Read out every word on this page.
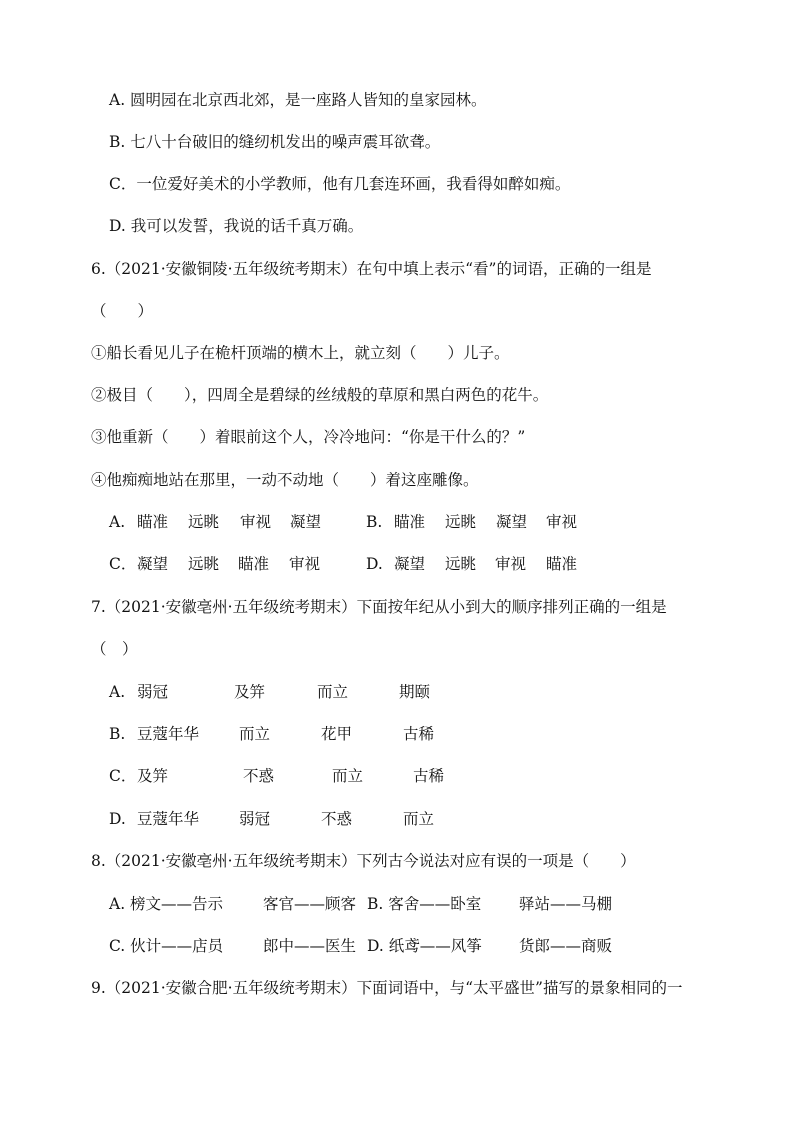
A. 圆明园在北京西北郊，是一座路人皆知的皇家园林。
B. 七八十台破旧的缝纫机发出的噪声震耳欲聋。
C．一位爱好美术的小学教师，他有几套连环画，我看得如醉如痴。
D. 我可以发誓，我说的话千真万确。
6.（2021·安徽铜陵·五年级统考期末）在句中填上表示“看”的词语，正确的一组是
（　　）
①船长看见儿子在桅杆顶端的横木上，就立刻（　　）儿子。
②极目（　　），四周全是碧绿的丝绒般的草原和黑白两色的花牛。
③他重新（　　）着眼前这个人，冷冷地问：“你是干什么的？”
④他痴痴地站在那里，一动不动地（　　）着这座雕像。
A. 瞄准 远眺 审视 凝望	B. 瞄准 远眺 凝望 审视
C． 凝望 远眺 瞄准 审视	D. 凝望 远眺 审视 瞄准
7.（2021·安徽亳州·五年级统考期末）下面按年纪从小到大的顺序排列正确的一组是
（　）
A. 弱冠	及笄	而立	期颐
B. 豆蔻年华	而立	花甲	古稀
C． 及笄	不惑	而立	古稀
D. 豆蔻年华	弱冠	不惑	而立
8.（2021·安徽亳州·五年级统考期末）下列古今说法对应有误的一项是（　　）
A. 榜文——告示	客官——顾客 B. 客舍——卧室 驿站——马棚
C. 伙计——店员	郎中——医生 D. 纸鸢——风筝 货郎——商贩
9.（2021·安徽合肥·五年级统考期末）下面词语中，与“太平盛世”描写的景象相同的一
